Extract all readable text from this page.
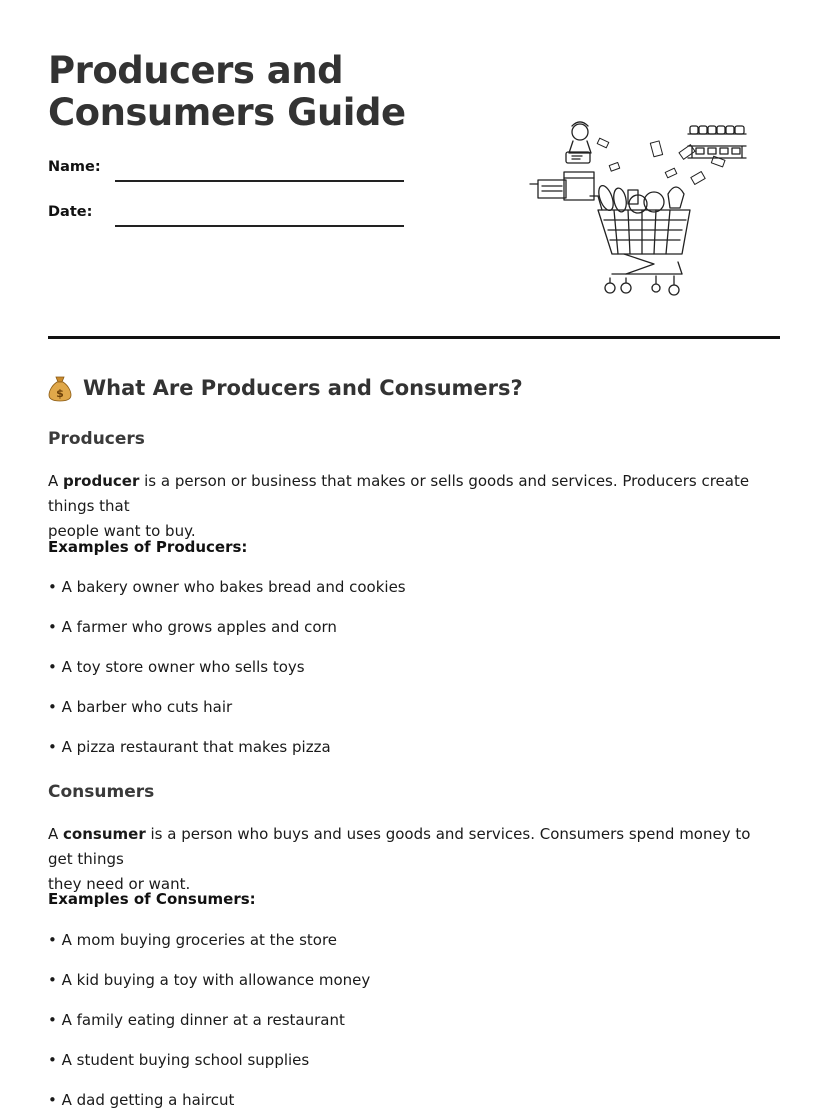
Producers and
Consumers Guide
Name:
Date:
$ What Are Producers and Consumers?
Producers

A producer is a person or business that makes or sells goods and services. Producers create things that
people want to buy.

Examples of Producers:

• A bakery owner who bakes bread and cookies

• A farmer who grows apples and corn

• A toy store owner who sells toys

• A barber who cuts hair

• A pizza restaurant that makes pizza

Consumers

A consumer is a person who buys and uses goods and services. Consumers spend money to get things
they need or want.

Examples of Consumers:

• A mom buying groceries at the store

• A kid buying a toy with allowance money

• A family eating dinner at a restaurant

• A student buying school supplies

• A dad getting a haircut
